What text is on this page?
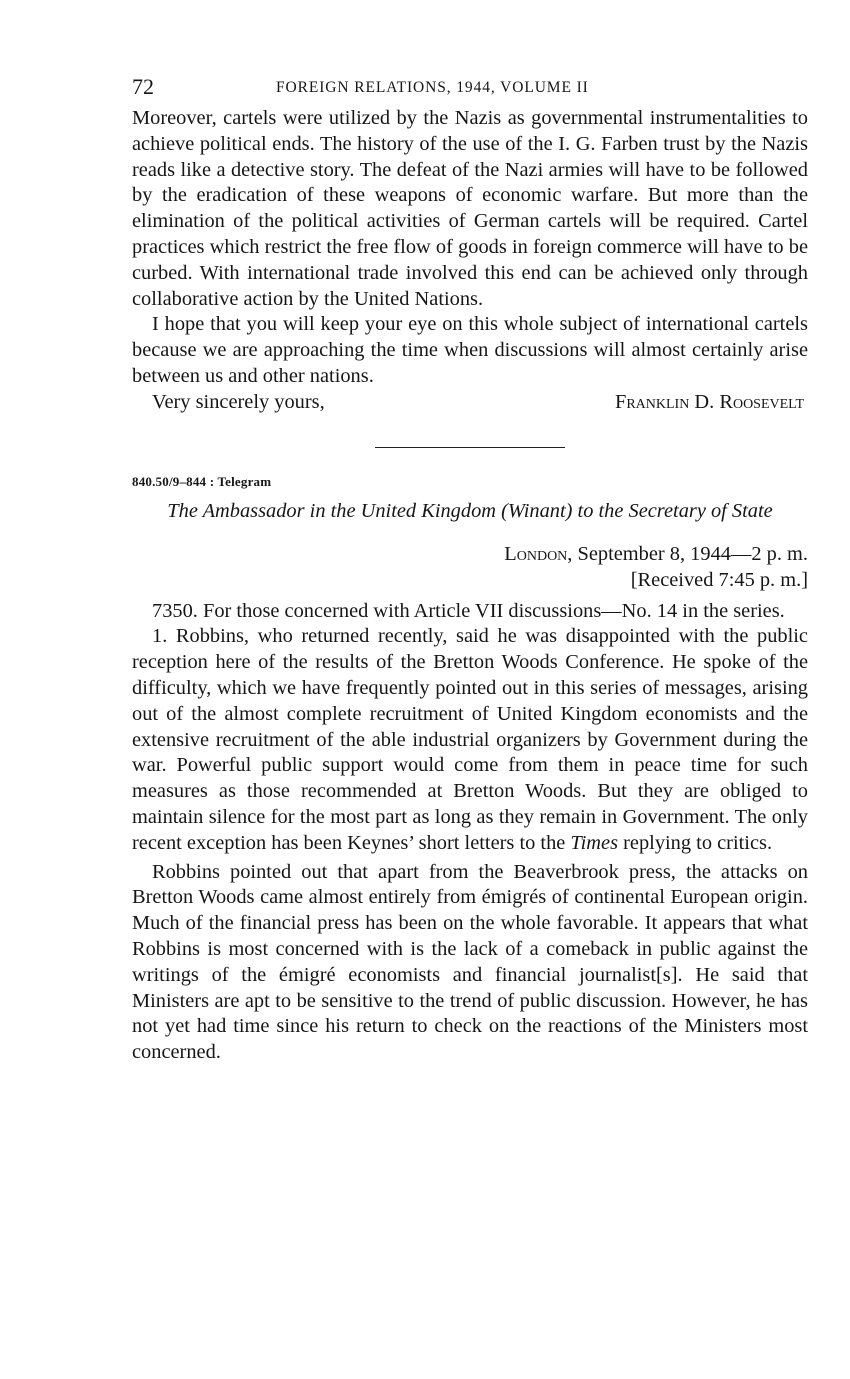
72	FOREIGN RELATIONS, 1944, VOLUME II

Moreover, cartels were utilized by the Nazis as governmental instrumentalities to achieve political ends. The history of the use of the I. G. Farben trust by the Nazis reads like a detective story. The defeat of the Nazi armies will have to be followed by the eradication of these weapons of economic warfare. But more than the elimination of the political activities of German cartels will be required. Cartel practices which restrict the free flow of goods in foreign commerce will have to be curbed. With international trade involved this end can be achieved only through collaborative action by the United Nations.

I hope that you will keep your eye on this whole subject of international cartels because we are approaching the time when discussions will almost certainly arise between us and other nations.

Very sincerely yours,	Franklin D. Roosevelt
840.50/9–844 : Telegram
The Ambassador in the United Kingdom (Winant) to the Secretary of State
London, September 8, 1944—2 p. m.
[Received 7:45 p. m.]

7350. For those concerned with Article VII discussions—No. 14 in the series.

1. Robbins, who returned recently, said he was disappointed with the public reception here of the results of the Bretton Woods Conference. He spoke of the difficulty, which we have frequently pointed out in this series of messages, arising out of the almost complete recruitment of United Kingdom economists and the extensive recruitment of the able industrial organizers by Government during the war. Powerful public support would come from them in peace time for such measures as those recommended at Bretton Woods. But they are obliged to maintain silence for the most part as long as they remain in Government. The only recent exception has been Keynes’ short letters to the Times replying to critics.

Robbins pointed out that apart from the Beaverbrook press, the attacks on Bretton Woods came almost entirely from émigrés of continental European origin. Much of the financial press has been on the whole favorable. It appears that what Robbins is most concerned with is the lack of a comeback in public against the writings of the émigré economists and financial journalist[s]. He said that Ministers are apt to be sensitive to the trend of public discussion. However, he has not yet had time since his return to check on the reactions of the Ministers most concerned.
